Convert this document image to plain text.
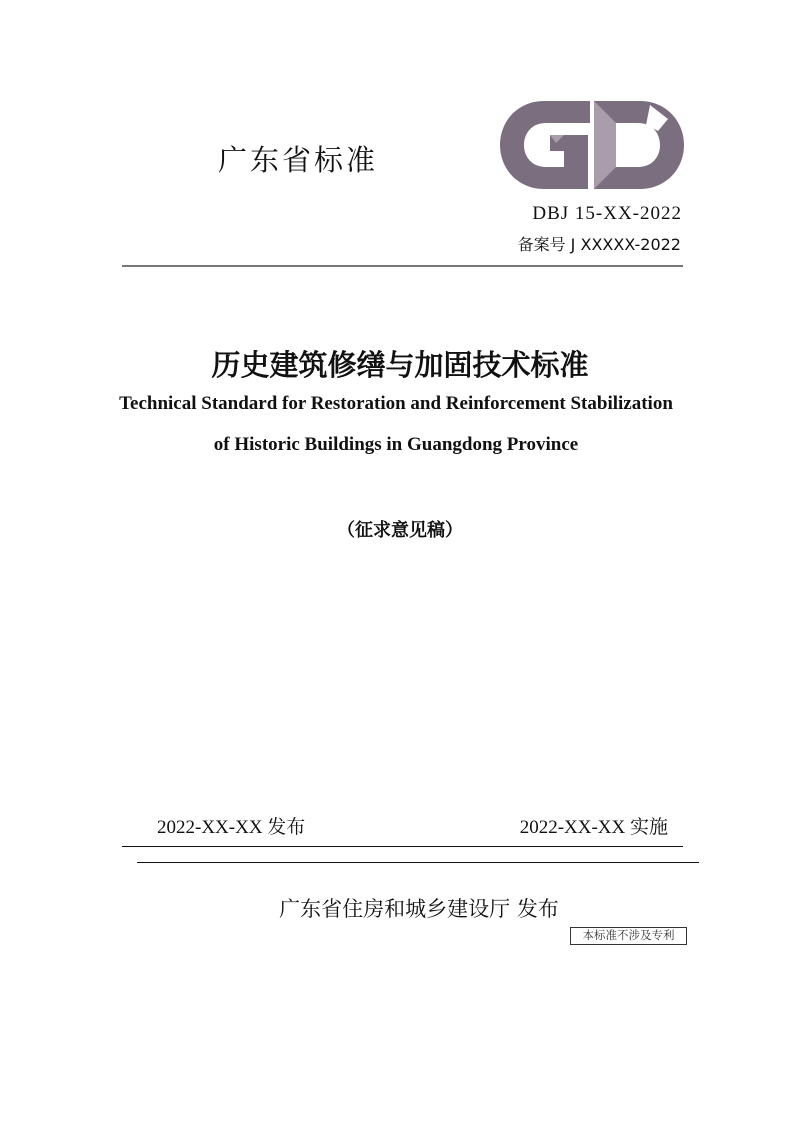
广东省标准
DBJ 15-XX-2022
备案号 J XXXXX-2022
历史建筑修缮与加固技术标准
Technical Standard for Restoration and Reinforcement Stabilization
of Historic Buildings in Guangdong Province
（征求意见稿）
2022-XX-XX 发布	2022-XX-XX 实施
广东省住房和城乡建设厅 发布
本标准不涉及专利
